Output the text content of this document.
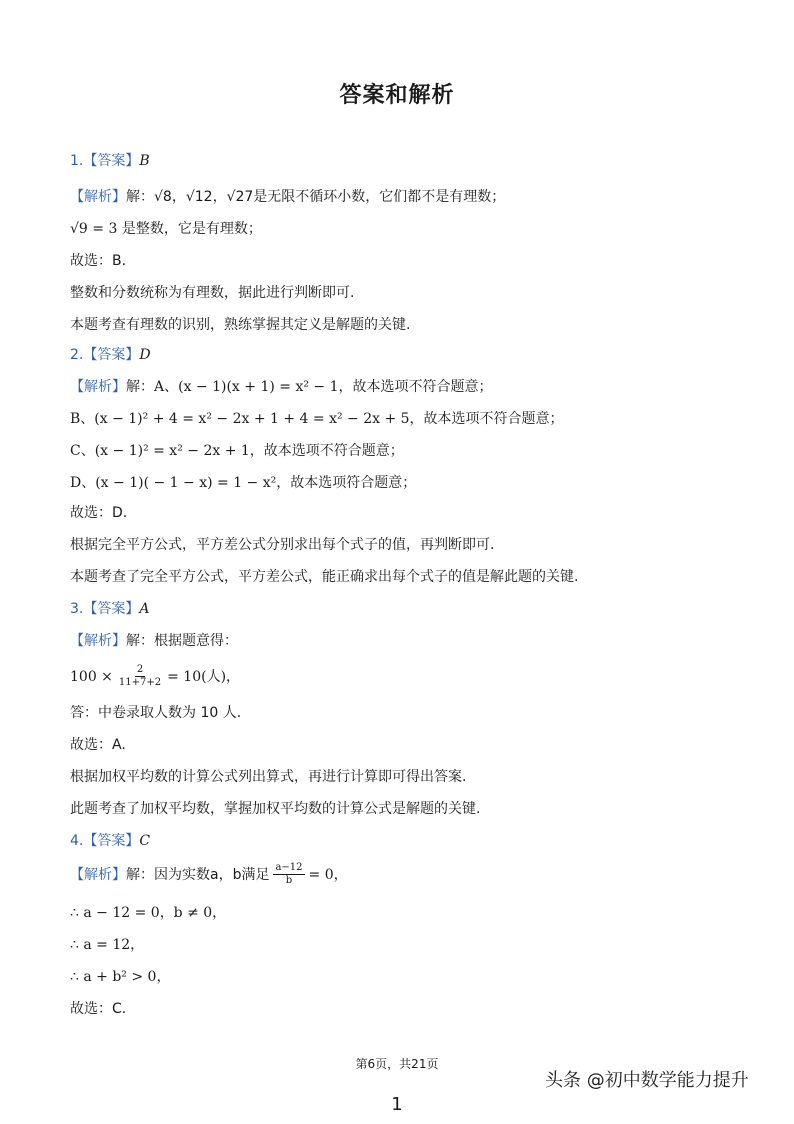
答案和解析
1.【答案】B
【解析】解：√8，√12，√27是无限不循环小数，它们都不是有理数；
√9 = 3 是整数，它是有理数；
故选：B.
整数和分数统称为有理数，据此进行判断即可.
本题考查有理数的识别，熟练掌握其定义是解题的关键.
2.【答案】D
【解析】解：A、(x − 1)(x + 1) = x² − 1，故本选项不符合题意；
B、(x − 1)² + 4 = x² − 2x + 1 + 4 = x² − 2x + 5，故本选项不符合题意；
C、(x − 1)² = x² − 2x + 1，故本选项不符合题意；
D、(x − 1)( − 1 − x) = 1 − x²，故本选项符合题意；
故选：D.
根据完全平方公式，平方差公式分别求出每个式子的值，再判断即可.
本题考查了完全平方公式，平方差公式，能正确求出每个式子的值是解此题的关键.
3.【答案】A
【解析】解：根据题意得：
$100 \times \frac{2}{11+7+2} = 10$(人)，
答：中卷录取人数为 10 人.
故选：A.
根据加权平均数的计算公式列出算式，再进行计算即可得出答案.
此题考查了加权平均数，掌握加权平均数的计算公式是解题的关键.
4.【答案】C
【解析】 解：因为实数a，b满足 $\frac{a-12}{b} = 0$，
∴ a − 12 = 0，b ≠ 0，
∴ a = 12，
∴ a + b² > 0，
故选：C.
第6页，共21页
头条 @初中数学能力提升
1
